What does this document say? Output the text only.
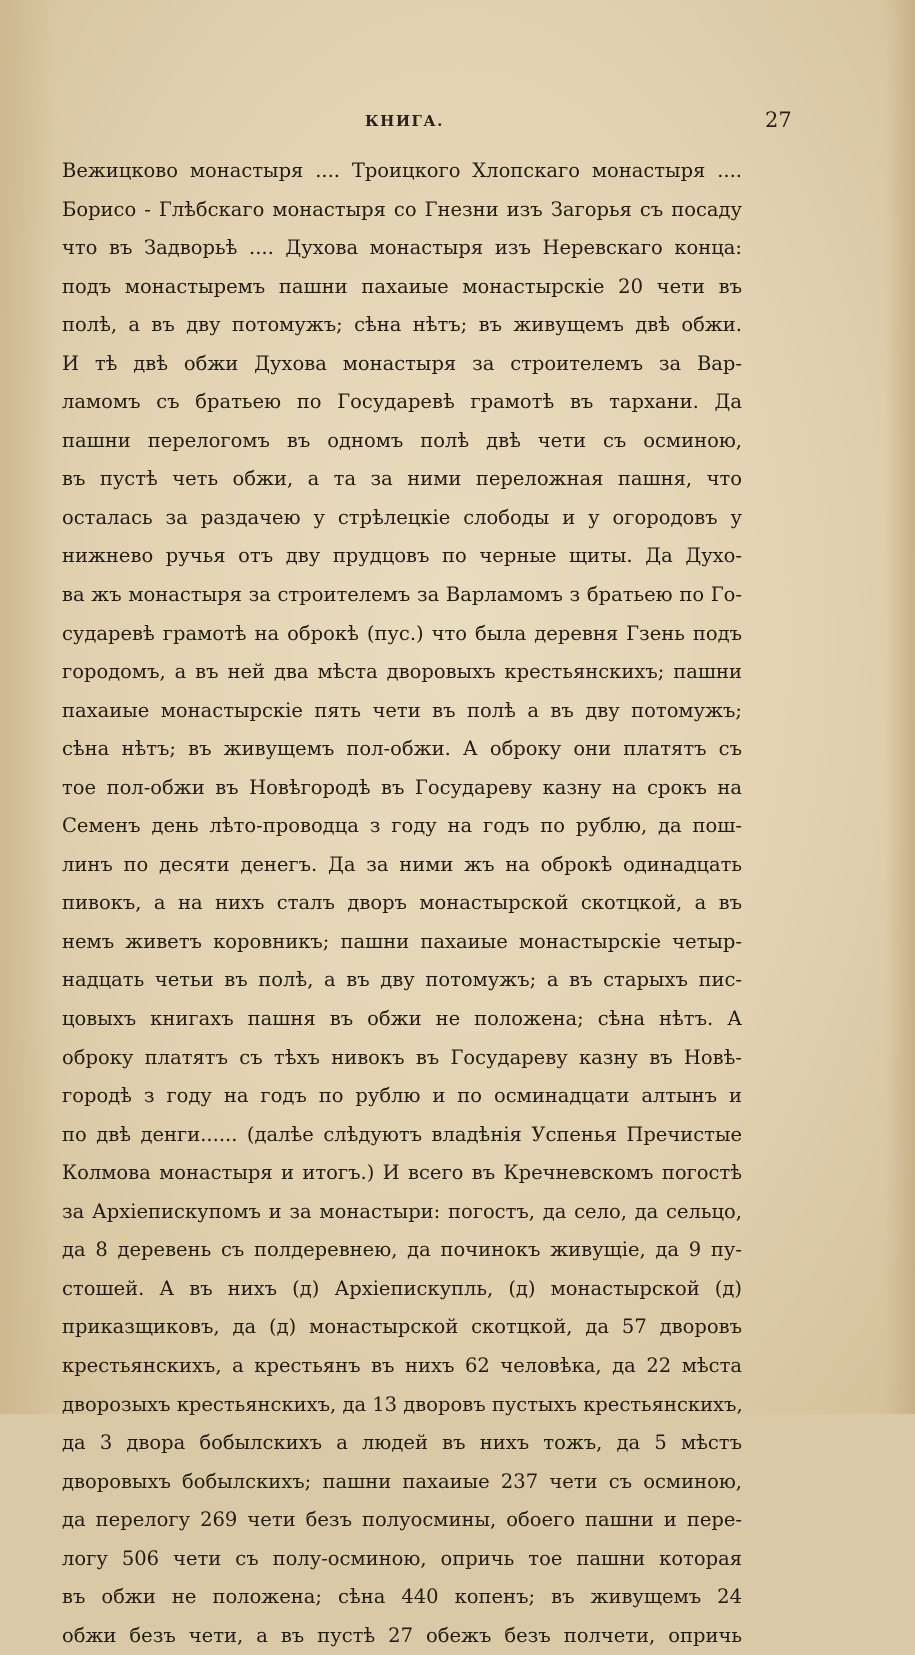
КНИГА.	27
Вежицково монастыря .... Троицкого Хлопскаго монастыря ....
Борисо - Глѣбскаго монастыря со Гнезни изъ Загорья съ посаду
что въ Задворьѣ .... Духова монастыря изъ Неревскаго конца:
подъ монастыремъ пашни пахаиые монастырскіе 20 чети въ
полѣ, а въ дву потомужъ; сѣна нѣтъ; въ живущемъ двѣ обжи.
И тѣ двѣ обжи Духова монастыря за строителемъ за Вар-
ламомъ съ братьею по Государевѣ грамотѣ въ тархани. Да
пашни перелогомъ въ одномъ полѣ двѣ чети съ осминою,
въ пустѣ четь обжи, а та за ними переложная пашня, что
осталась за раздачею у стрѣлецкіе слободы и у огородовъ у
нижнево ручья отъ дву прудцовъ по черные щиты. Да Духо-
ва жъ монастыря за строителемъ за Варламомъ з братьею по Го-
сударевѣ грамотѣ на оброкѣ (пус.) что была деревня Гзень подъ
городомъ, а въ ней два мѣста дворовыхъ крестьянскихъ; пашни
пахаиые монастырскіе пять чети въ полѣ а въ дву потомужъ;
сѣна нѣтъ; въ живущемъ пол-обжи. А оброку они платятъ съ
тое пол-обжи въ Новѣгородѣ въ Государеву казну на срокъ на
Семенъ день лѣто-проводца з году на годъ по рублю, да пош-
линъ по десяти денегъ. Да за ними жъ на оброкѣ одинадцать
пивокъ, а на нихъ сталъ дворъ монастырской скотцкой, а въ
немъ живетъ коровникъ; пашни пахаиые монастырскіе четыр-
надцать четьи въ полѣ, а въ дву потомужъ; а въ старыхъ пис-
цовыхъ книгахъ пашня въ обжи не положена; сѣна нѣтъ. А
оброку платятъ съ тѣхъ нивокъ въ Государеву казну въ Новѣ-
городѣ з году на годъ по рублю и по осминадцати алтынъ и
по двѣ денги...... (далѣе слѣдуютъ владѣнія Успенья Пречистые
Колмова монастыря и итогъ.) И всего въ Кречневскомъ погостѣ
за Архіепискупомъ и за монастыри: погостъ, да село, да сельцо,
да 8 деревень съ полдеревнею, да починокъ живущіе, да 9 пу-
стошей. А въ нихъ (д) Архіепискупль, (д) монастырской (д)
приказщиковъ, да (д) монастырской скотцкой, да 57 дворовъ
крестьянскихъ, а крестьянъ въ нихъ 62 человѣка, да 22 мѣста
дворозыхъ крестьянскихъ, да 13 дворовъ пустыхъ крестьянскихъ,
да 3 двора бобылскихъ а людей въ нихъ тожъ, да 5 мѣстъ
дворовыхъ бобылскихъ; пашни пахаиые 237 чети съ осминою,
да перелогу 269 чети безъ полуосмины, обоего пашни и пере-
логу 506 чети съ полу-осминою, опричь тое пашни которая
въ обжи не положена; сѣна 440 копенъ; въ живущемъ 24
обжи безъ чети, а въ пустѣ 27 обежъ безъ полчети, опричь
